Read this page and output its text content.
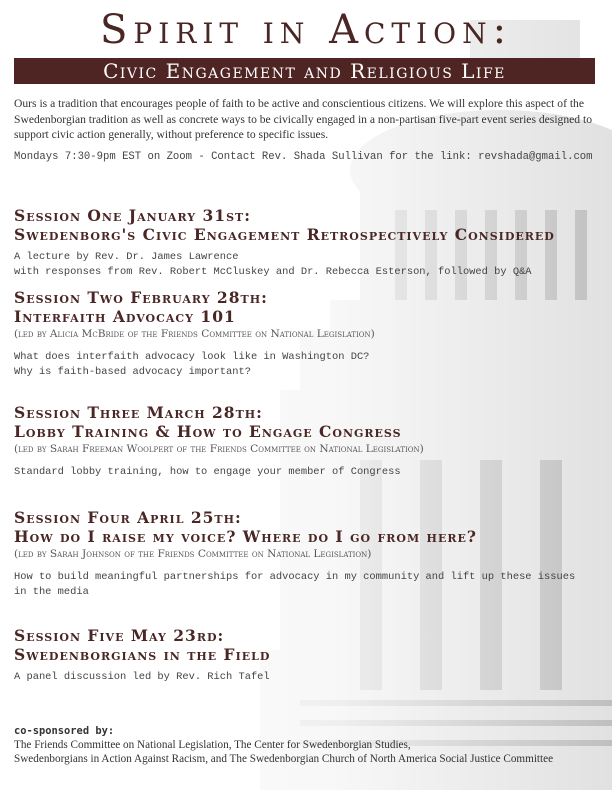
Spirit in Action:
Civic Engagement and Religious Life
Ours is a tradition that encourages people of faith to be active and conscientious citizens. We will explore this aspect of the Swedenborgian tradition as well as concrete ways to be civically engaged in a non-partisan five-part event series designed to support civic action generally, without preference to specific issues.
Mondays 7:30-9pm EST on Zoom - Contact Rev. Shada Sullivan for the link: revshada@gmail.com
Session One January 31st:
Swedenborg's Civic Engagement Retrospectively Considered
A lecture by Rev. Dr. James Lawrence
with responses from Rev. Robert McCluskey and Dr. Rebecca Esterson, followed by Q&A
Session Two February 28th:
Interfaith Advocacy 101
(led by Alicia McBride of the Friends Committee on National Legislation)
What does interfaith advocacy look like in Washington DC?
Why is faith-based advocacy important?
Session Three March 28th:
Lobby Training & How to Engage Congress
(led by Sarah Freeman Woolpert of the Friends Committee on National Legislation)
Standard lobby training, how to engage your member of Congress
Session Four April 25th:
How do I raise my voice? Where do I go from here?
(led by Sarah Johnson of the Friends Committee on National Legislation)
How to build meaningful partnerships for advocacy in my community and lift up these issues
in the media
Session Five May 23rd:
Swedenborgians in the Field
A panel discussion led by Rev. Rich Tafel
co-sponsored by:
The Friends Committee on National Legislation, The Center for Swedenborgian Studies,
Swedenborgians in Action Against Racism, and The Swedenborgian Church of North America Social Justice Committee
